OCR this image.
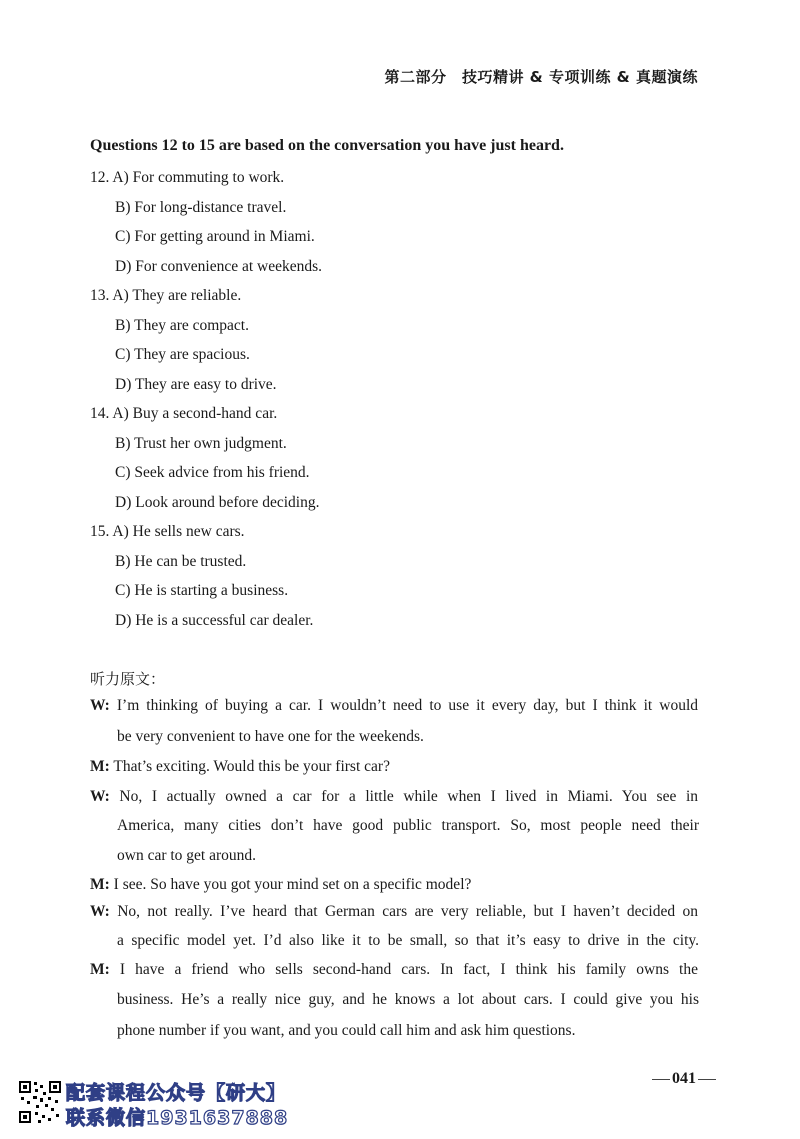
第二部分　技巧精讲 & 专项训练 & 真题演练
Questions 12 to 15 are based on the conversation you have just heard.
12. A) For commuting to work.
B) For long-distance travel.
C) For getting around in Miami.
D) For convenience at weekends.
13. A) They are reliable.
B) They are compact.
C) They are spacious.
D) They are easy to drive.
14. A) Buy a second-hand car.
B) Trust her own judgment.
C) Seek advice from his friend.
D) Look around before deciding.
15. A) He sells new cars.
B) He can be trusted.
C) He is starting a business.
D) He is a successful car dealer.
听力原文：
W: I’m thinking of buying a car. I wouldn’t need to use it every day, but I think it would
be very convenient to have one for the weekends.
M: That’s exciting. Would this be your first car?
W: No, I actually owned a car for a little while when I lived in Miami. You see in
America, many cities don’t have good public transport. So, most people need their
own car to get around.
M: I see. So have you got your mind set on a specific model?
W: No, not really. I’ve heard that German cars are very reliable, but I haven’t decided on
a specific model yet. I’d also like it to be small, so that it’s easy to drive in the city.
M: I have a friend who sells second-hand cars. In fact, I think his family owns the
business. He’s a really nice guy, and he knows a lot about cars. I could give you his
phone number if you want, and you could call him and ask him questions.
041
配套课程公众号【研大】
联系微信1931637888
